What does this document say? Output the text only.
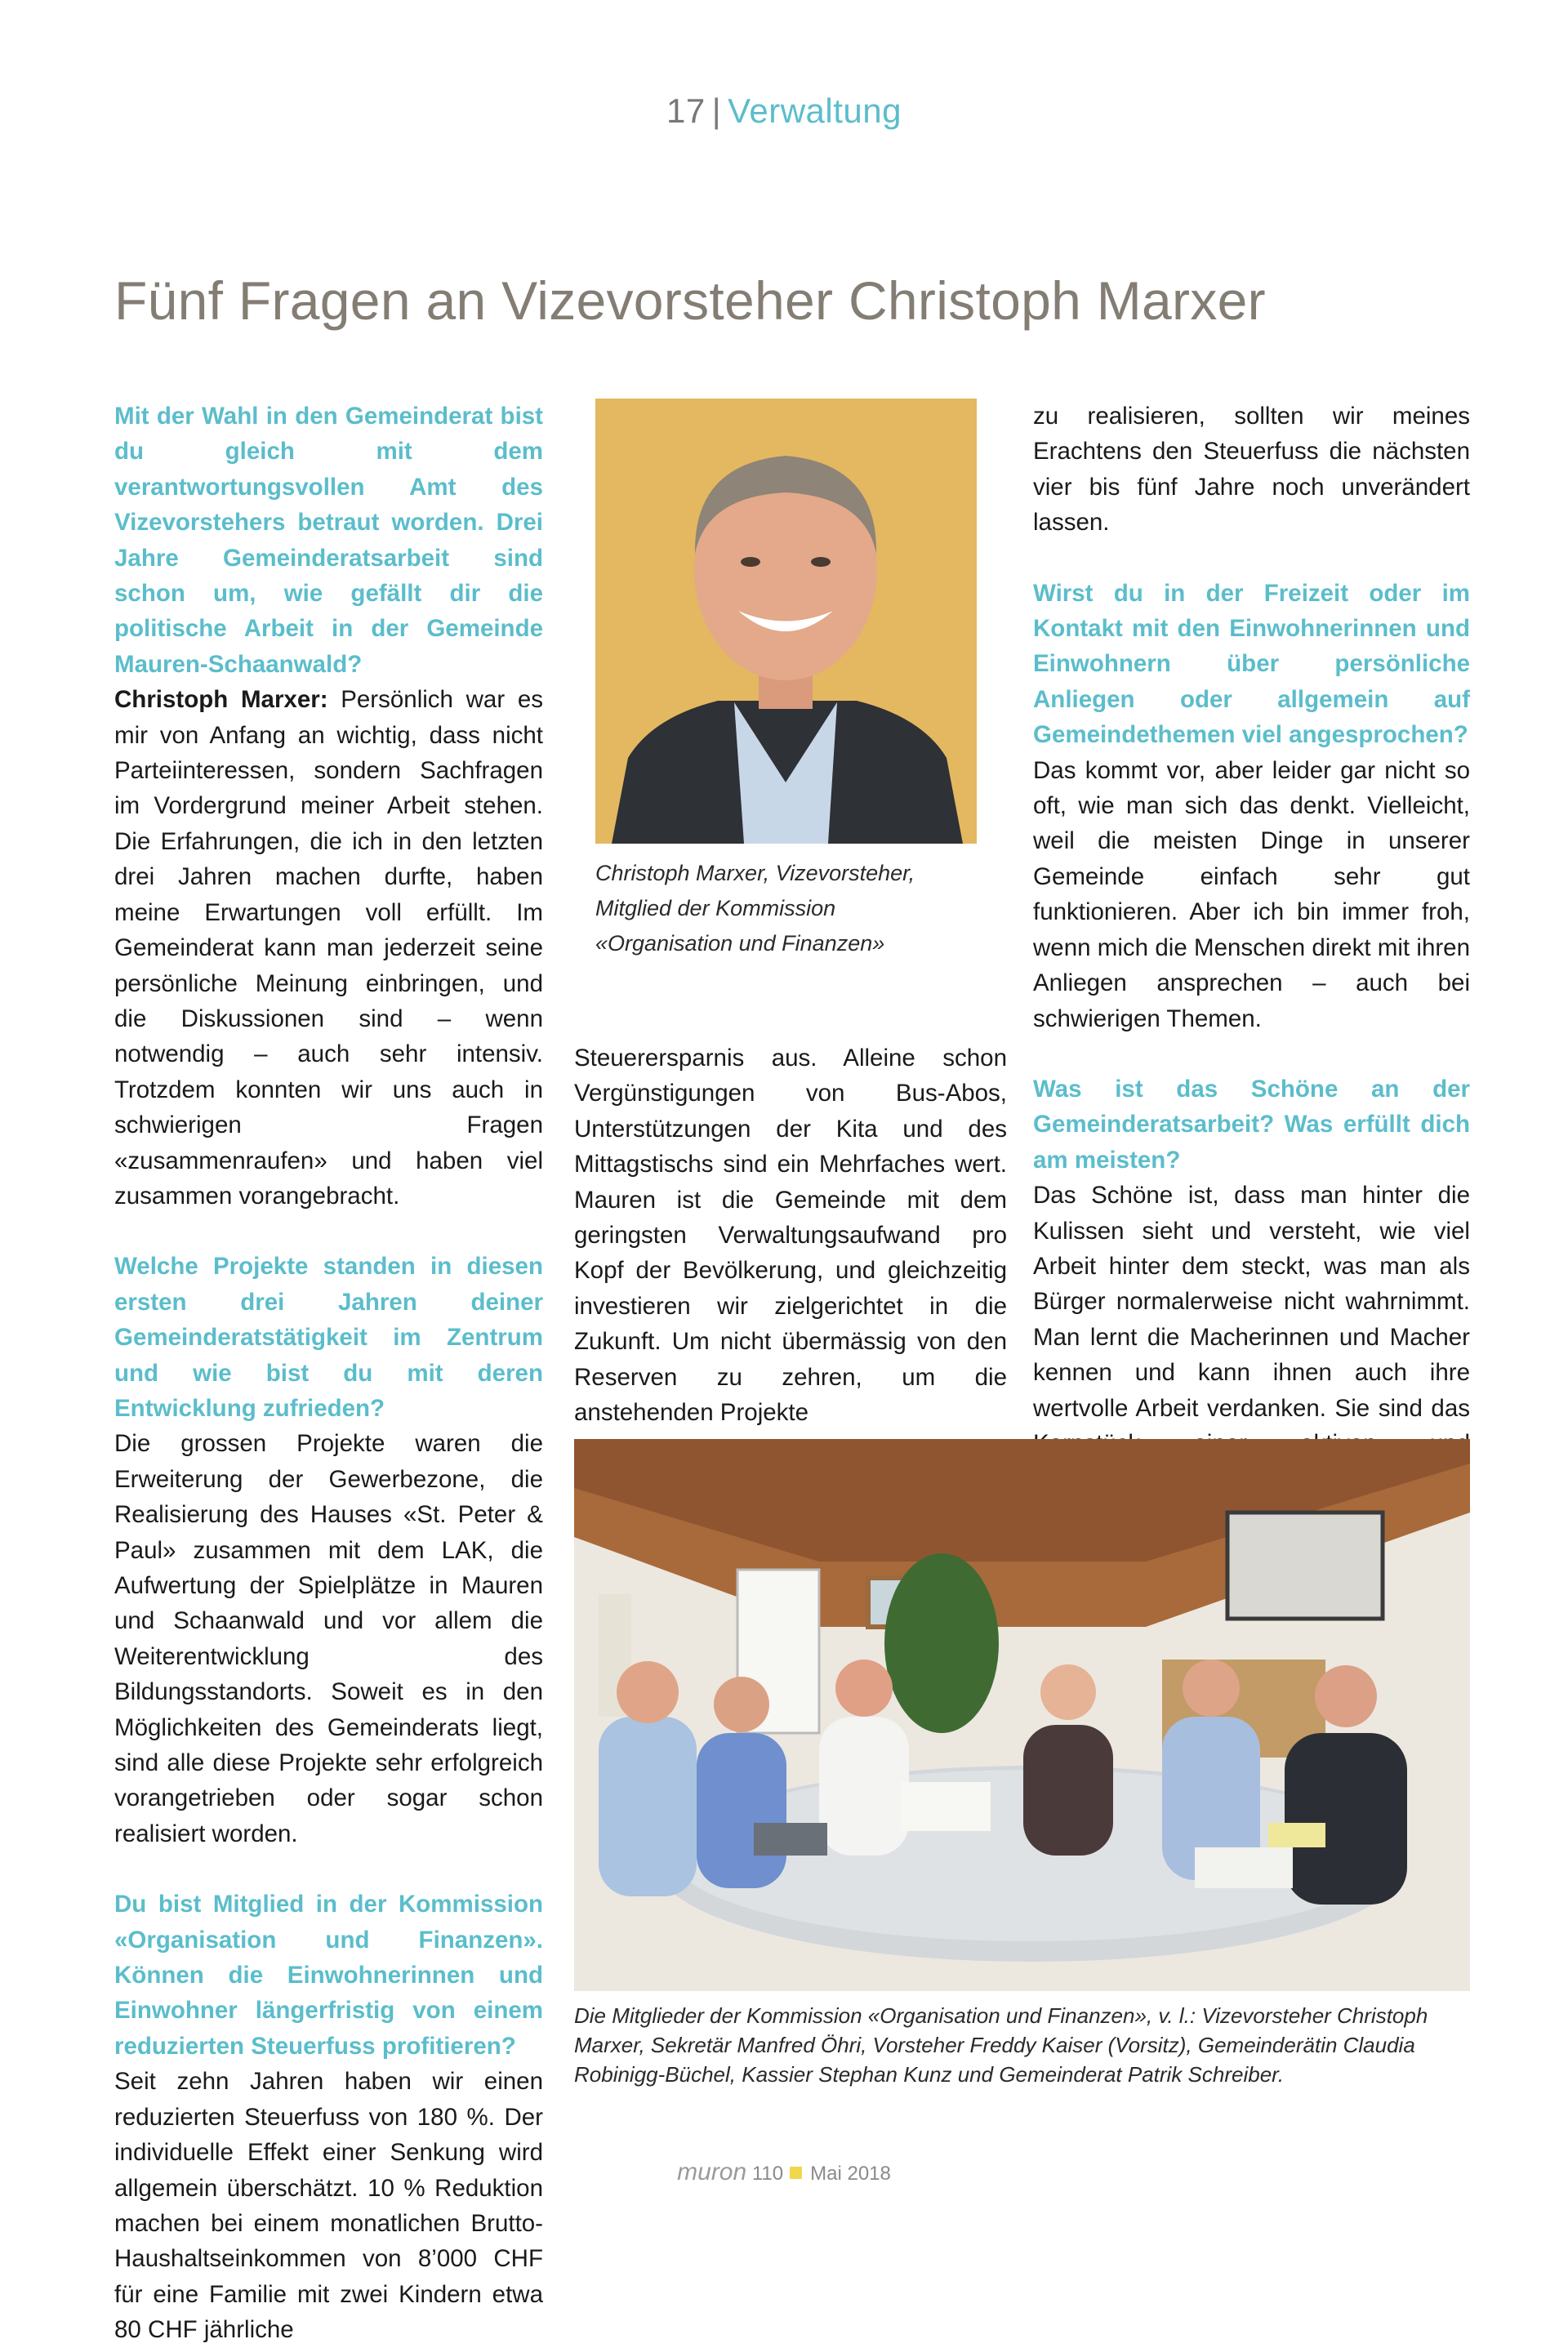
17 | Verwaltung
Fünf Fragen an Vizevorsteher Christoph Marxer

Mit der Wahl in den Gemeinderat bist du gleich mit dem verantwortungsvollen Amt des Vizevorstehers betraut worden. Drei Jahre Gemeinderatsarbeit sind schon um, wie gefällt dir die politische Arbeit in der Gemeinde Mauren-Schaanwald?

Christoph Marxer: Persönlich war es mir von Anfang an wichtig, dass nicht Parteiinteressen, sondern Sachfragen im Vordergrund meiner Arbeit stehen. Die Erfahrungen, die ich in den letzten drei Jahren machen durfte, haben meine Erwartungen voll erfüllt. Im Gemeinderat kann man jederzeit seine persönliche Meinung einbringen, und die Diskussionen sind – wenn notwendig – auch sehr intensiv. Trotzdem konnten wir uns auch in schwierigen Fragen «zusammenraufen» und haben viel zusammen vorangebracht.

Welche Projekte standen in diesen ersten drei Jahren deiner Gemeinderatstätigkeit im Zentrum und wie bist du mit deren Entwicklung zufrieden?

Die grossen Projekte waren die Erweiterung der Gewerbezone, die Realisierung des Hauses «St. Peter & Paul» zusammen mit dem LAK, die Aufwertung der Spielplätze in Mauren und Schaanwald und vor allem die Weiterentwicklung des Bildungsstandorts. Soweit es in den Möglichkeiten des Gemeinderats liegt, sind alle diese Projekte sehr erfolgreich vorangetrieben oder sogar schon realisiert worden.

Du bist Mitglied in der Kommission «Organisation und Finanzen». Können die Einwohnerinnen und Einwohner längerfristig von einem reduzierten Steuerfuss profitieren?

Seit zehn Jahren haben wir einen reduzierten Steuerfuss von 180 %. Der individuelle Effekt einer Senkung wird allgemein überschätzt. 10 % Reduktion machen bei einem monatlichen Brutto-Haushaltseinkommen von 8’000 CHF für eine Familie mit zwei Kindern etwa 80 CHF jährliche

Christoph Marxer, Vizevorsteher,
Mitglied der Kommission
«Organisation und Finanzen»

Steuerersparnis aus. Alleine schon Vergünstigungen von Bus-Abos, Unterstützungen der Kita und des Mittagstischs sind ein Mehrfaches wert. Mauren ist die Gemeinde mit dem geringsten Verwaltungsaufwand pro Kopf der Bevölkerung, und gleichzeitig investieren wir zielgerichtet in die Zukunft. Um nicht übermässig von den Reserven zu zehren, um die anstehenden Projekte

zu realisieren, sollten wir meines Erachtens den Steuerfuss die nächsten vier bis fünf Jahre noch unverändert lassen.

Wirst du in der Freizeit oder im Kontakt mit den Einwohnerinnen und Einwohnern über persönliche Anliegen oder allgemein auf Gemeindethemen viel angesprochen?

Das kommt vor, aber leider gar nicht so oft, wie man sich das denkt. Vielleicht, weil die meisten Dinge in unserer Gemeinde einfach sehr gut funktionieren. Aber ich bin immer froh, wenn mich die Menschen direkt mit ihren Anliegen ansprechen – auch bei schwierigen Themen.

Was ist das Schöne an der Gemeinderatsarbeit? Was erfüllt dich am meisten?

Das Schöne ist, dass man hinter die Kulissen sieht und versteht, wie viel Arbeit hinter dem steckt, was man als Bürger normalerweise nicht wahrnimmt. Man lernt die Macherinnen und Macher kennen und kann ihnen auch ihre wertvolle Arbeit verdanken. Sie sind das

Die Mitglieder der Kommission «Organisation und Finanzen», v. l.: Vizevorsteher Christoph Marxer, Sekretär Manfred Öhri, Vorsteher Freddy Kaiser (Vorsitz), Gemeinderätin Claudia Robinigg-Büchel, Kassier Stephan Kunz und Gemeinderat Patrik Schreiber.
muron 110 Mai 2018
